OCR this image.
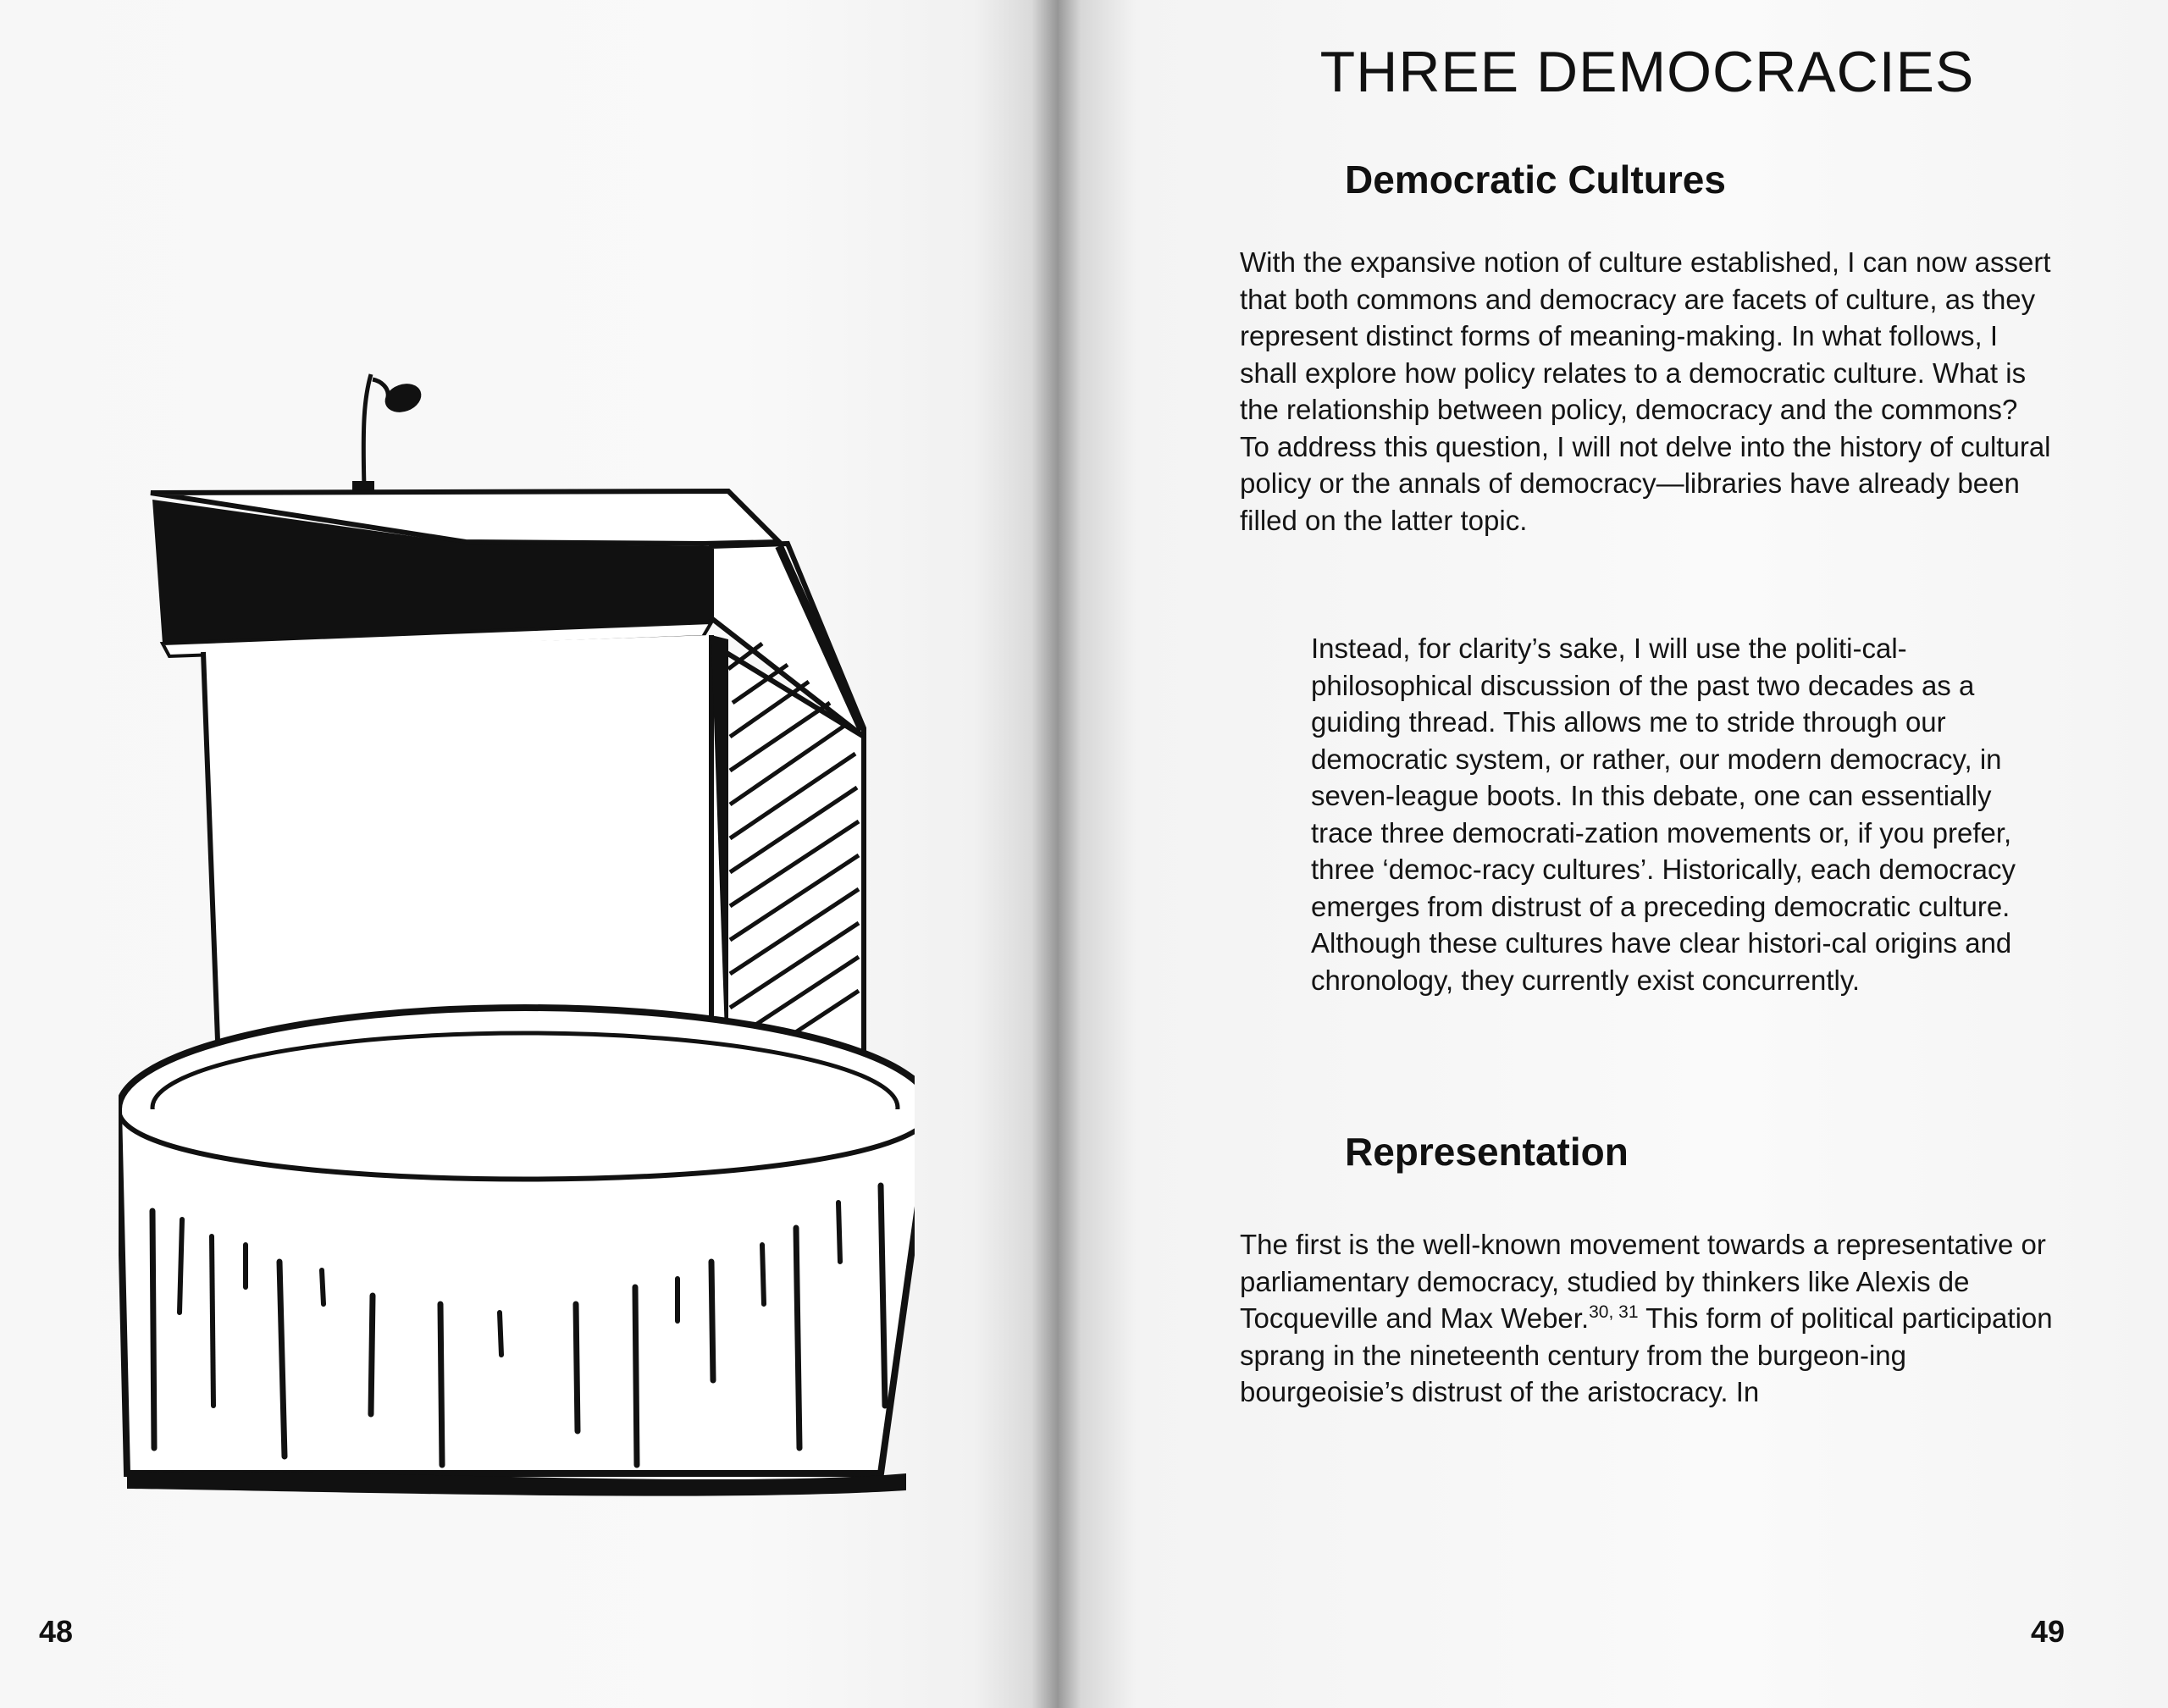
48
THREE DEMOCRACIES
Democratic Cultures

With the expansive notion of culture established, I can now assert that both commons and democracy are facets of culture, as they represent distinct forms of meaning-making. In what follows, I shall explore how policy relates to a democratic culture. What is the relationship between policy, democracy and the commons? To address this question, I will not delve into the history of cultural policy or the annals of democracy—libraries have already been filled on the latter topic.

Instead, for clarity’s sake, I will use the politi-cal-philosophical discussion of the past two decades as a guiding thread. This allows me to stride through our democratic system, or rather, our modern democracy, in seven-league boots. In this debate, one can essentially trace three democrati-zation movements or, if you prefer, three ‘democ-racy cultures’. Historically, each democracy emerges from distrust of a preceding democratic culture. Although these cultures have clear histori-cal origins and chronology, they currently exist concurrently.

Representation

The first is the well-known movement towards a representative or parliamentary democracy, studied by thinkers like Alexis de Tocqueville and Max Weber.$^{30, 31}$ This form of political participation sprang in the nineteenth century from the burgeon-ing bourgeoisie’s distrust of the aristocracy. In

49
